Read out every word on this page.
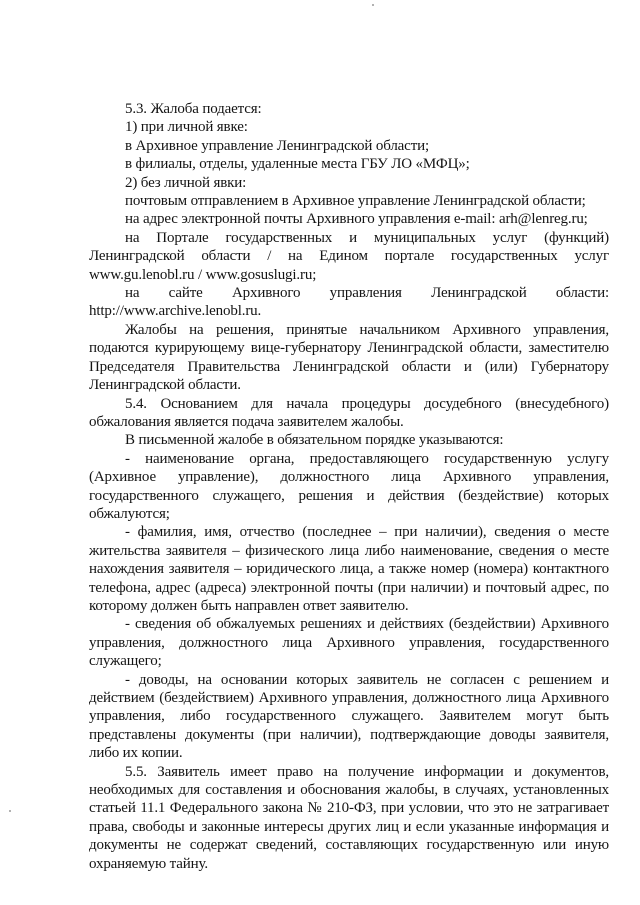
5.3. Жалоба подается:

1) при личной явке:

в Архивное управление Ленинградской области;

в филиалы, отделы, удаленные места ГБУ ЛО «МФЦ»;

2) без личной явки:

почтовым отправлением в Архивное управление Ленинградской области;

на адрес электронной почты Архивного управления e-mail: arh@lenreg.ru;

на Портале государственных и муниципальных услуг (функций) Ленинградской области / на Едином портале государственных услуг www.gu.lenobl.ru / www.gosuslugi.ru;

на сайте Архивного управления Ленинградской области: http://www.archive.lenobl.ru.

Жалобы на решения, принятые начальником Архивного управления, подаются курирующему вице-губернатору Ленинградской области, заместителю Председателя Правительства Ленинградской области и (или) Губернатору Ленинградской области.

5.4. Основанием для начала процедуры досудебного (внесудебного) обжалования является подача заявителем жалобы.

В письменной жалобе в обязательном порядке указываются:

- наименование органа, предоставляющего государственную услугу (Архивное управление), должностного лица Архивного управления, государственного служащего, решения и действия (бездействие) которых обжалуются;

- фамилия, имя, отчество (последнее – при наличии), сведения о месте жительства заявителя – физического лица либо наименование, сведения о месте нахождения заявителя – юридического лица, а также номер (номера) контактного телефона, адрес (адреса) электронной почты (при наличии) и почтовый адрес, по которому должен быть направлен ответ заявителю.

- сведения об обжалуемых решениях и действиях (бездействии) Архивного управления, должностного лица Архивного управления, государственного служащего;

- доводы, на основании которых заявитель не согласен с решением и действием (бездействием) Архивного управления, должностного лица Архивного управления, либо государственного служащего. Заявителем могут быть представлены документы (при наличии), подтверждающие доводы заявителя, либо их копии.

5.5. Заявитель имеет право на получение информации и документов, необходимых для составления и обоснования жалобы, в случаях, установленных статьей 11.1 Федерального закона № 210-ФЗ, при условии, что это не затрагивает права, свободы и законные интересы других лиц и если указанные информация и документы не содержат сведений, составляющих государственную или иную охраняемую тайну.
